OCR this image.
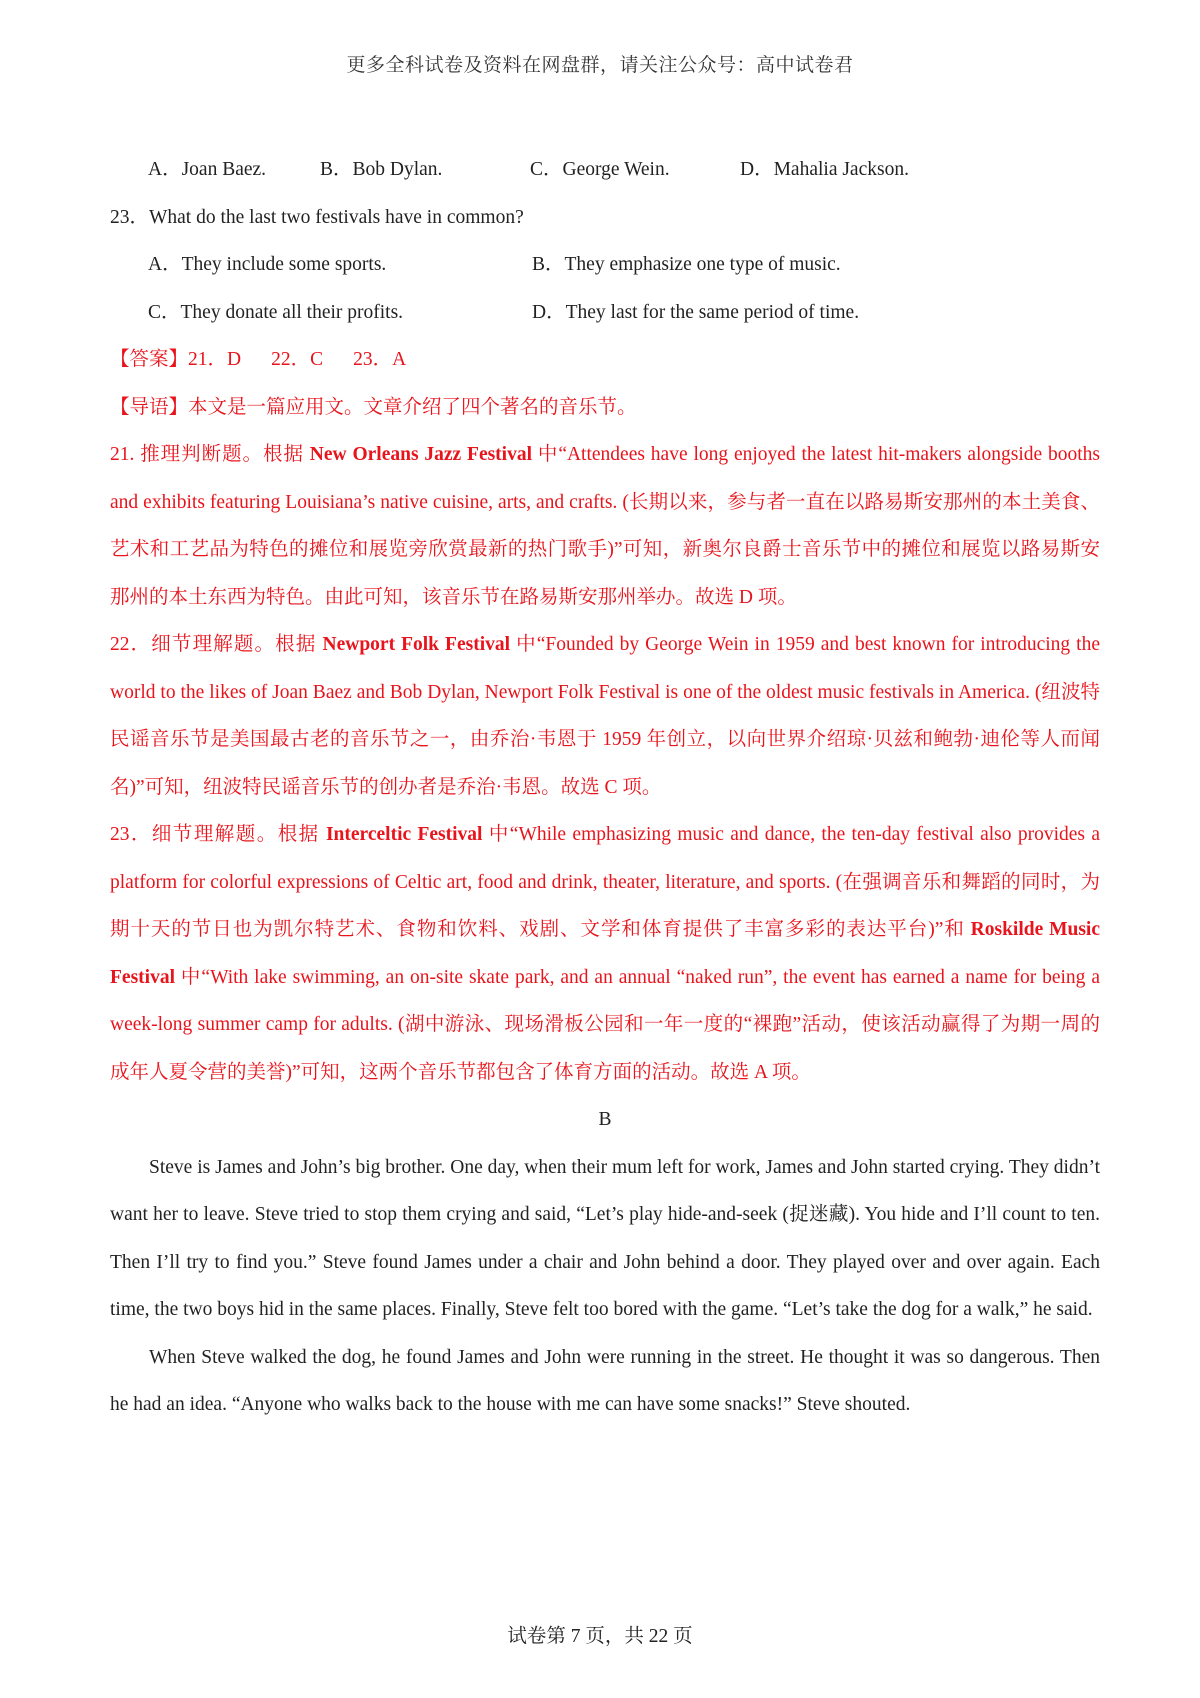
更多全科试卷及资料在网盘群，请关注公众号：高中试卷君
A．Joan Baez.	B．Bob Dylan.	C．George Wein.	D．Mahalia Jackson.
23．What do the last two festivals have in common?
A．They include some sports.	B．They emphasize one type of music.
C．They donate all their profits.	D．They last for the same period of time.
【答案】 21．D 22．C 23．A
【导语】 本文是一篇应用文。文章介绍了四个著名的音乐节。
21. 推理判断题。根据 New Orleans Jazz Festival 中“Attendees have long enjoyed the latest hit-makers alongside booths and exhibits featuring Louisiana’s native cuisine, arts, and crafts. (长期以来，参与者一直在以路易斯安那州的本土美食、艺术和工艺品为特色的摊位和展览旁欣赏最新的热门歌手)”可知，新奥尔良爵士音乐节中的摊位和展览以路易斯安那州的本土东西为特色。由此可知，该音乐节在路易斯安那州举办。故选 D 项。
22．细节理解题。根据 Newport Folk Festival 中“Founded by George Wein in 1959 and best known for introducing the world to the likes of Joan Baez and Bob Dylan, Newport Folk Festival is one of the oldest music festivals in America. (纽波特民谣音乐节是美国最古老的音乐节之一，由乔治·韦恩于 1959 年创立，以向世界介绍琼·贝兹和鲍勃·迪伦等人而闻名)”可知，纽波特民谣音乐节的创办者是乔治·韦恩。故选 C 项。
23．细节理解题。根据 Interceltic Festival 中“While emphasizing music and dance, the ten-day festival also provides a platform for colorful expressions of Celtic art, food and drink, theater, literature, and sports. (在强调音乐和舞蹈的同时，为期十天的节日也为凯尔特艺术、食物和饮料、戏剧、文学和体育提供了丰富多彩的表达平台)”和 Roskilde Music Festival 中“With lake swimming, an on-site skate park, and an annual “naked run”, the event has earned a name for being a week-long summer camp for adults. (湖中游泳、现场滑板公园和一年一度的“裸跑”活动，使该活动赢得了为期一周的成年人夏令营的美誉)”可知，这两个音乐节都包含了体育方面的活动。故选 A 项。
B
Steve is James and John’s big brother. One day, when their mum left for work, James and John started crying. They didn’t want her to leave. Steve tried to stop them crying and said, “Let’s play hide-and-seek (捉迷藏). You hide and I’ll count to ten. Then I’ll try to find you.” Steve found James under a chair and John behind a door. They played over and over again. Each time, the two boys hid in the same places. Finally, Steve felt too bored with the game. “Let’s take the dog for a walk,” he said.
When Steve walked the dog, he found James and John were running in the street. He thought it was so dangerous. Then he had an idea. “Anyone who walks back to the house with me can have some snacks!” Steve shouted.
试卷第 7 页，共 22 页
